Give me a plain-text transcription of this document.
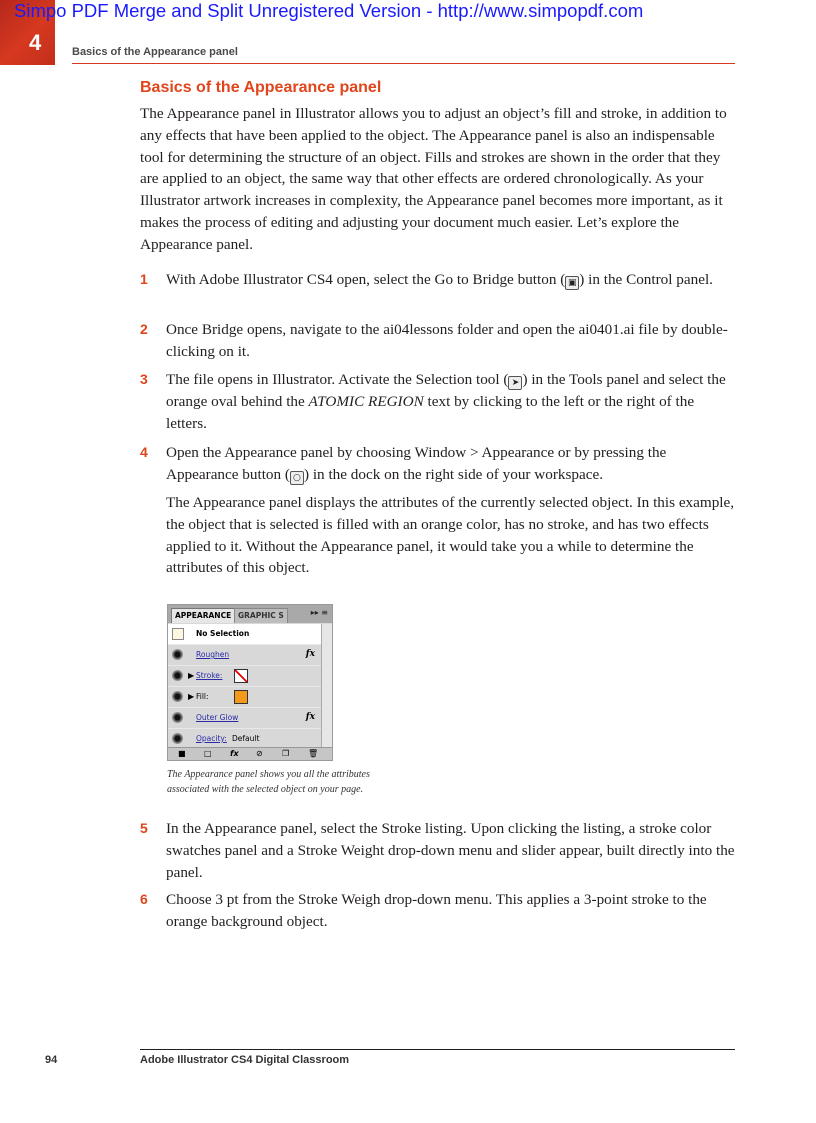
Simpo PDF Merge and Split Unregistered Version - http://www.simpopdf.com
4	Basics of the Appearance panel
Basics of the Appearance panel

The Appearance panel in Illustrator allows you to adjust an object’s fill and stroke, in addition to any effects that have been applied to the object. The Appearance panel is also an indispensable tool for determining the structure of an object. Fills and strokes are shown in the order that they are applied to an object, the same way that other effects are ordered chronologically. As your Illustrator artwork increases in complexity, the Appearance panel becomes more important, as it makes the process of editing and adjusting your document much easier. Let’s explore the Appearance panel.

1 With Adobe Illustrator CS4 open, select the Go to Bridge button ( ▣ ) in the Control panel.
2 Once Bridge opens, navigate to the ai04lessons folder and open the ai0401.ai file by double-clicking on it.
3 The file opens in Illustrator. Activate the Selection tool ( ➤ ) in the Tools panel and select the orange oval behind the ATOMIC REGION text by clicking to the left or the right of the letters.
4 Open the Appearance panel by choosing Window > Appearance or by pressing the Appearance button ( ○ ) in the dock on the right side of your workspace.
The Appearance panel displays the attributes of the currently selected object. In this example, the object that is selected is filled with an orange color, has no stroke, and has two effects applied to it. Without the Appearance panel, it would take you a while to determine the attributes of this object.
APPEARANCE GRAPHIC S	▸▸ ≡
No Selection
Roughen	fx
▶ Stroke:
▶ Fill:
Outer Glow	fx
Opacity: Default
■ □ fx ⊘ ❐ 🗑

The Appearance panel shows you all the attributes associated with the selected object on your page.

5 In the Appearance panel, select the Stroke listing. Upon clicking the listing, a stroke color swatches panel and a Stroke Weight drop-down menu and slider appear, built directly into the panel.
6 Choose 3 pt from the Stroke Weigh drop-down menu. This applies a 3-point stroke to the orange background object.
94	Adobe Illustrator CS4 Digital Classroom
